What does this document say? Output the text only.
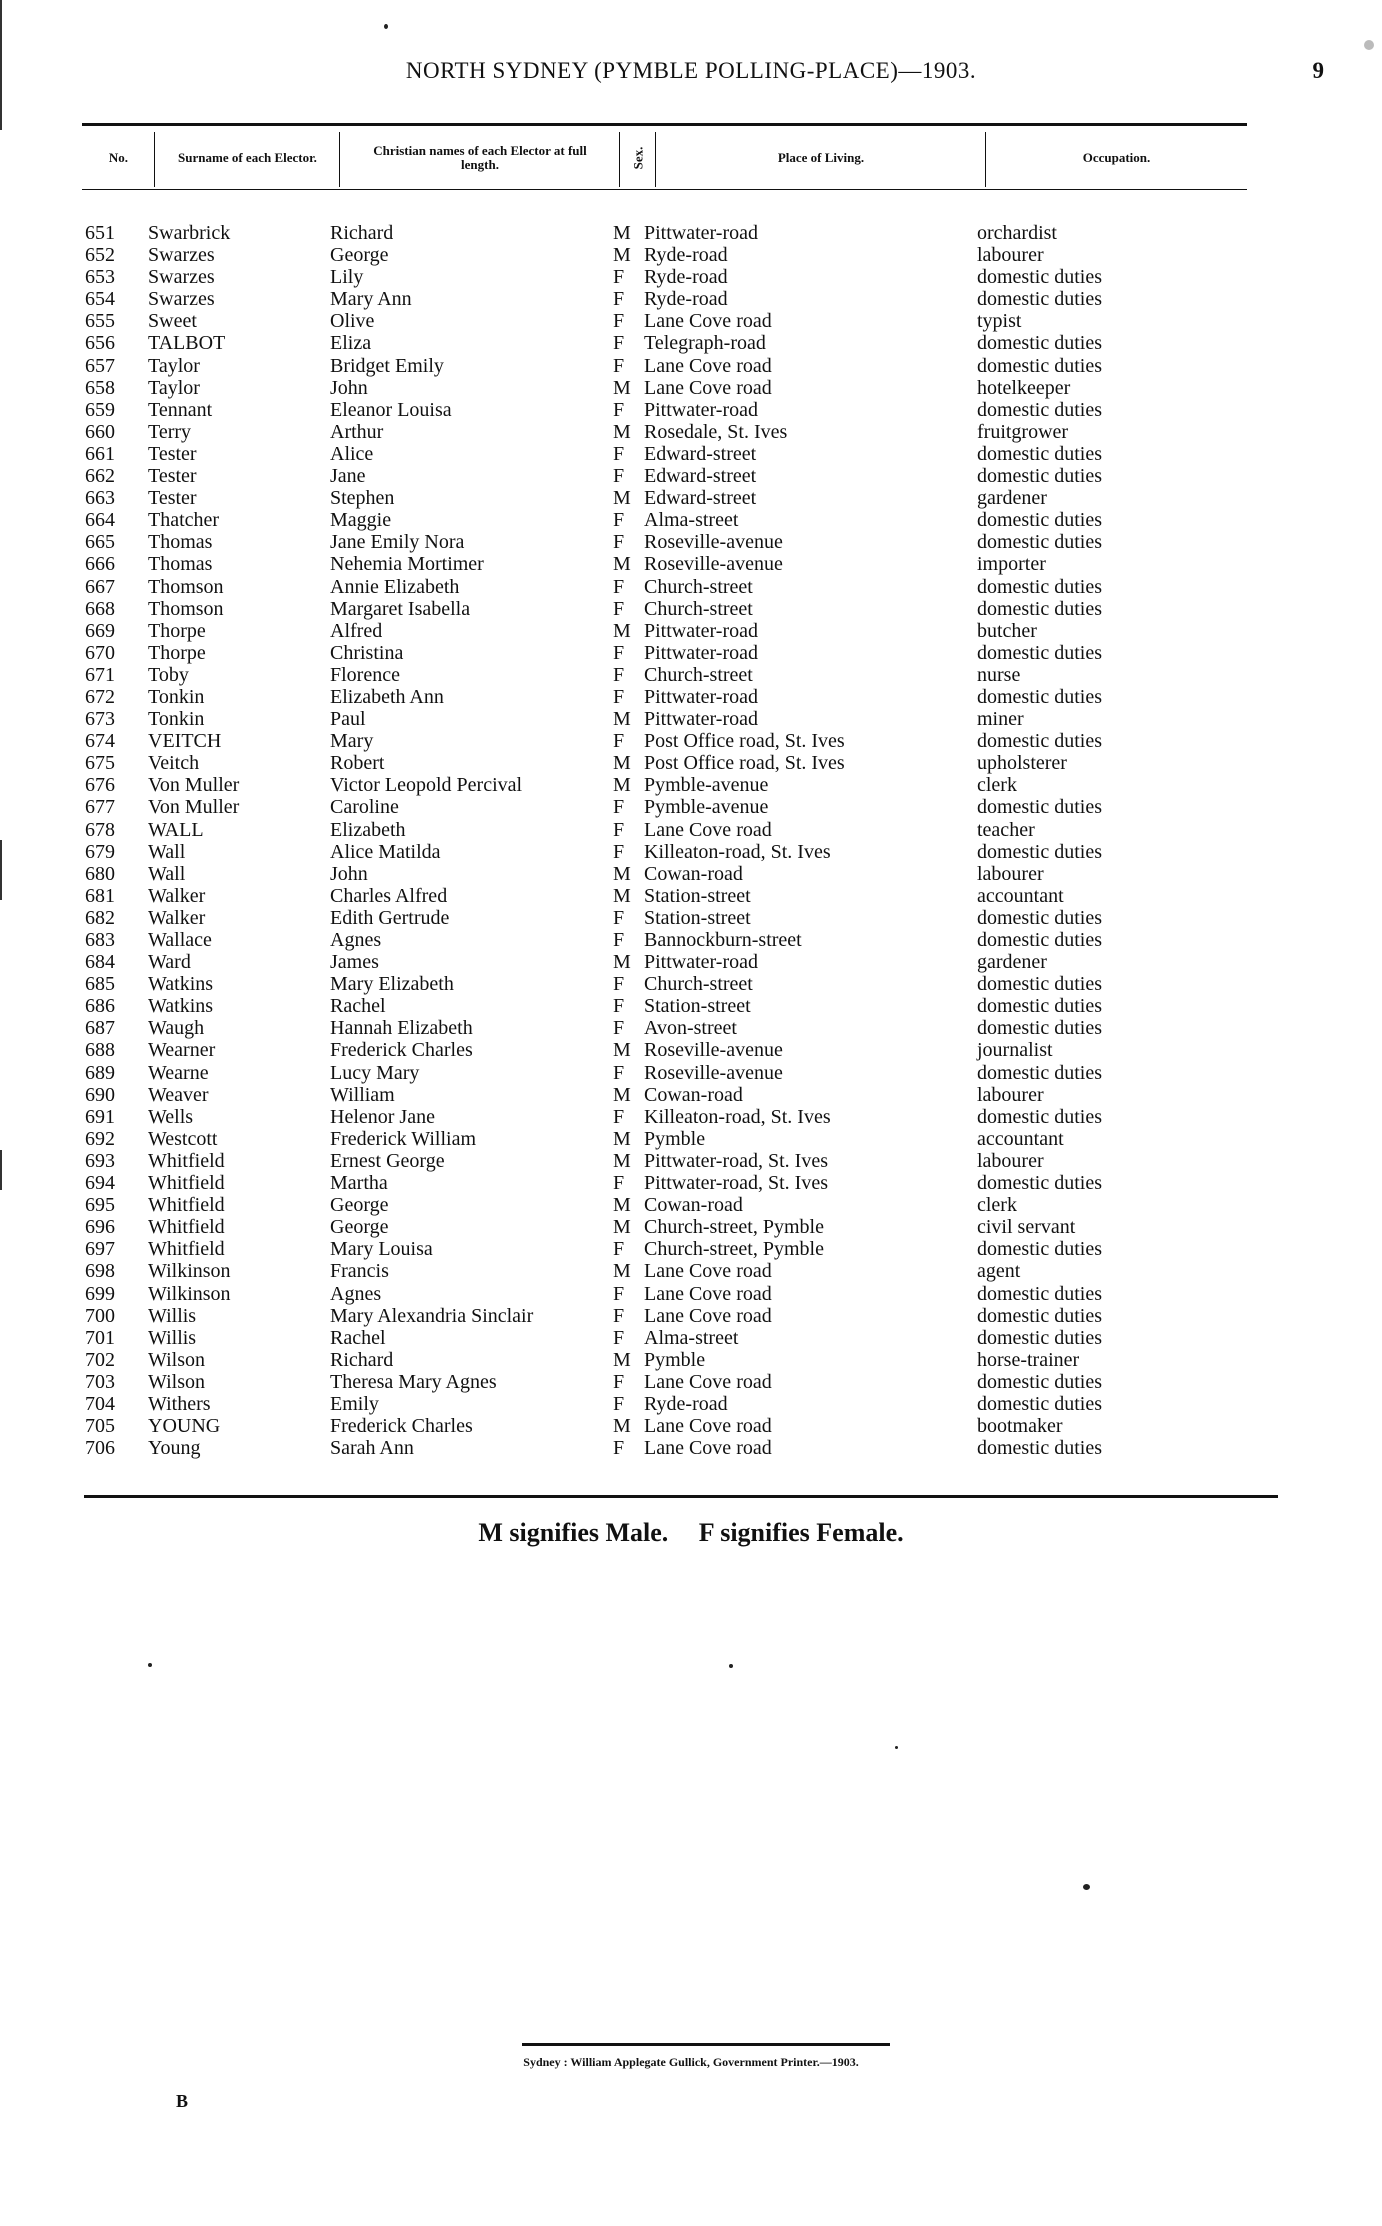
NORTH SYDNEY (PYMBLE POLLING-PLACE)—1903.	9
No.	Surname of each Elector.	Christian names of each Elector at full length.	Sex.	Place of Living.	Occupation.
651 Swarbrick	Richard	M Pittwater-road	orchardist
652 Swarzes	George	M Ryde-road	labourer
653 Swarzes	Lily	F Ryde-road	domestic duties
654 Swarzes	Mary Ann	F Ryde-road	domestic duties
655 Sweet	Olive	F Lane Cove road	typist
656 TALBOT	Eliza	F Telegraph-road	domestic duties
657 Taylor	Bridget Emily	F Lane Cove road	domestic duties
658 Taylor	John	M Lane Cove road	hotelkeeper
659 Tennant	Eleanor Louisa	F Pittwater-road	domestic duties
660 Terry	Arthur	M Rosedale, St. Ives	fruitgrower
661 Tester	Alice	F Edward-street	domestic duties
662 Tester	Jane	F Edward-street	domestic duties
663 Tester	Stephen	M Edward-street	gardener
664 Thatcher	Maggie	F Alma-street	domestic duties
665 Thomas	Jane Emily Nora	F Roseville-avenue	domestic duties
666 Thomas	Nehemia Mortimer	M Roseville-avenue	importer
667 Thomson	Annie Elizabeth	F Church-street	domestic duties
668 Thomson	Margaret Isabella	F Church-street	domestic duties
669 Thorpe	Alfred	M Pittwater-road	butcher
670 Thorpe	Christina	F Pittwater-road	domestic duties
671 Toby	Florence	F Church-street	nurse
672 Tonkin	Elizabeth Ann	F Pittwater-road	domestic duties
673 Tonkin	Paul	M Pittwater-road	miner
674 VEITCH	Mary	F Post Office road, St. Ives	domestic duties
675 Veitch	Robert	M Post Office road, St. Ives	upholsterer
676 Von Muller	Victor Leopold Percival	M Pymble-avenue	clerk
677 Von Muller	Caroline	F Pymble-avenue	domestic duties
678 WALL	Elizabeth	F Lane Cove road	teacher
679 Wall	Alice Matilda	F Killeaton-road, St. Ives	domestic duties
680 Wall	John	M Cowan-road	labourer
681 Walker	Charles Alfred	M Station-street	accountant
682 Walker	Edith Gertrude	F Station-street	domestic duties
683 Wallace	Agnes	F Bannockburn-street	domestic duties
684 Ward	James	M Pittwater-road	gardener
685 Watkins	Mary Elizabeth	F Church-street	domestic duties
686 Watkins	Rachel	F Station-street	domestic duties
687 Waugh	Hannah Elizabeth	F Avon-street	domestic duties
688 Wearner	Frederick Charles	M Roseville-avenue	journalist
689 Wearne	Lucy Mary	F Roseville-avenue	domestic duties
690 Weaver	William	M Cowan-road	labourer
691 Wells	Helenor Jane	F Killeaton-road, St. Ives	domestic duties
692 Westcott	Frederick William	M Pymble	accountant
693 Whitfield	Ernest George	M Pittwater-road, St. Ives	labourer
694 Whitfield	Martha	F Pittwater-road, St. Ives	domestic duties
695 Whitfield	George	M Cowan-road	clerk
696 Whitfield	George	M Church-street, Pymble	civil servant
697 Whitfield	Mary Louisa	F Church-street, Pymble	domestic duties
698 Wilkinson	Francis	M Lane Cove road	agent
699 Wilkinson	Agnes	F Lane Cove road	domestic duties
700 Willis	Mary Alexandria Sinclair	F Lane Cove road	domestic duties
701 Willis	Rachel	F Alma-street	domestic duties
702 Wilson	Richard	M Pymble	horse-trainer
703 Wilson	Theresa Mary Agnes	F Lane Cove road	domestic duties
704 Withers	Emily	F Ryde-road	domestic duties
705 YOUNG	Frederick Charles	M Lane Cove road	bootmaker
706 Young	Sarah Ann	F Lane Cove road	domestic duties
M signifies Male. F signifies Female.
Sydney : William Applegate Gullick, Government Printer.—1903.
B
